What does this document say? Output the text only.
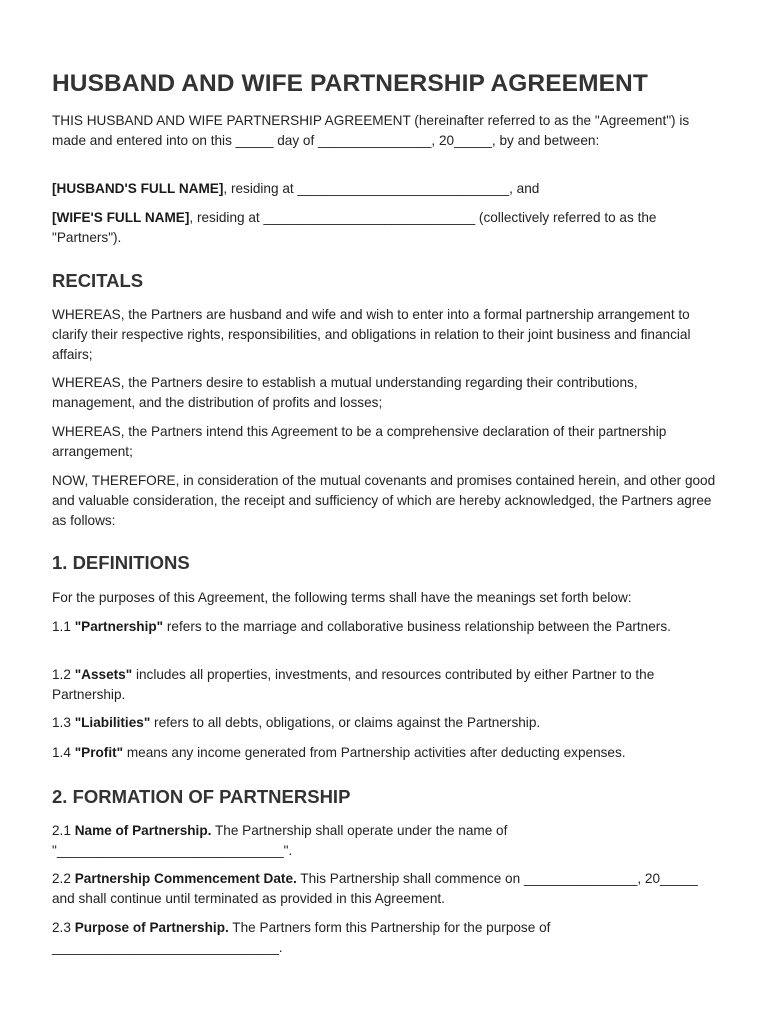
HUSBAND AND WIFE PARTNERSHIP AGREEMENT

THIS HUSBAND AND WIFE PARTNERSHIP AGREEMENT (hereinafter referred to as the "Agreement") is made and entered into on this _____ day of _______________, 20_____, by and between:

[HUSBAND'S FULL NAME], residing at ____________________________, and

[WIFE'S FULL NAME], residing at ____________________________ (collectively referred to as the "Partners").

RECITALS

WHEREAS, the Partners are husband and wife and wish to enter into a formal partnership arrangement to clarify their respective rights, responsibilities, and obligations in relation to their joint business and financial affairs;

WHEREAS, the Partners desire to establish a mutual understanding regarding their contributions, management, and the distribution of profits and losses;

WHEREAS, the Partners intend this Agreement to be a comprehensive declaration of their partnership arrangement;

NOW, THEREFORE, in consideration of the mutual covenants and promises contained herein, and other good and valuable consideration, the receipt and sufficiency of which are hereby acknowledged, the Partners agree as follows:

1. DEFINITIONS

For the purposes of this Agreement, the following terms shall have the meanings set forth below:

1.1 "Partnership" refers to the marriage and collaborative business relationship between the Partners.

1.2 "Assets" includes all properties, investments, and resources contributed by either Partner to the Partnership.

1.3 "Liabilities" refers to all debts, obligations, or claims against the Partnership.

1.4 "Profit" means any income generated from Partnership activities after deducting expenses.

2. FORMATION OF PARTNERSHIP

2.1 Name of Partnership. The Partnership shall operate under the name of "______________________________".

2.2 Partnership Commencement Date. This Partnership shall commence on _______________, 20_____ and shall continue until terminated as provided in this Agreement.

2.3 Purpose of Partnership. The Partners form this Partnership for the purpose of ______________________________.
